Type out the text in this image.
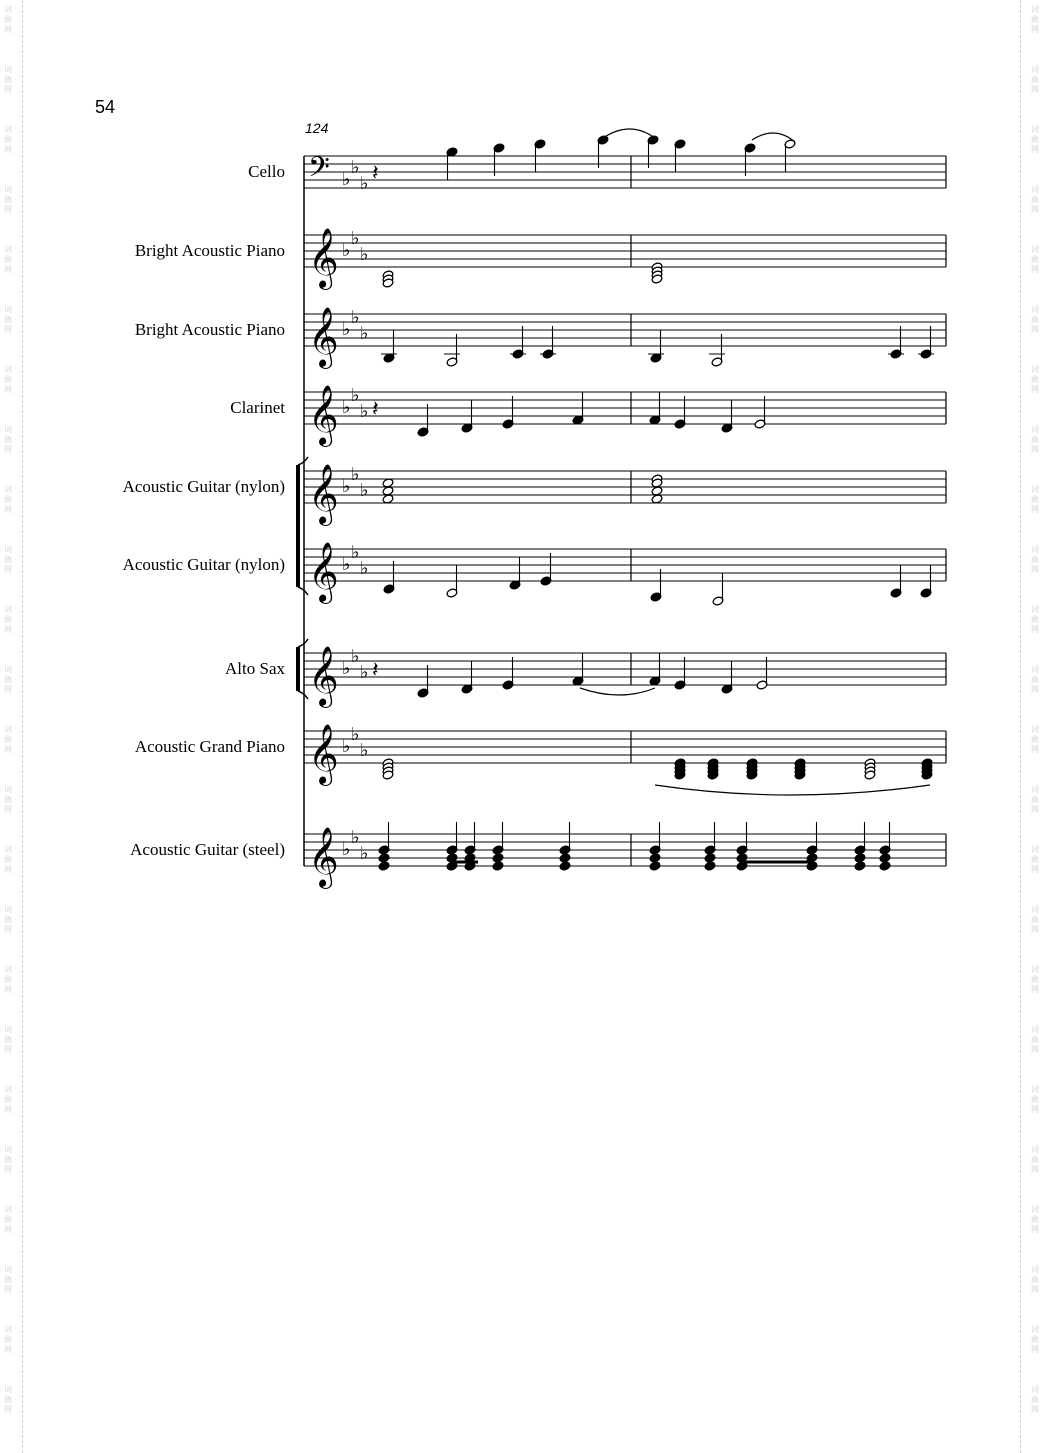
54
124
Cello
Bright Acoustic Piano
Bright Acoustic Piano
Clarinet
Acoustic Guitar (nylon)
Acoustic Guitar (nylon)
Alto Sax
Acoustic Grand Piano
Acoustic Guitar (steel)
𝄢 ♭
♭
♭
𝄞 ♭
♭
♭
𝄞 ♭
♭
♭
𝄞 ♭
♭
♭
𝄞 ♭
♭
♭
𝄞 ♭
♭
♭
𝄞 ♭
♭
♭
𝄞 ♭
♭
♭
𝄞 ♭
♭
♭
𝄽
𝄽
𝄽
词
曲
网
词
曲
网
词
曲
网
词
曲
网
词
曲
网
词
曲
网
词
曲
网
词
曲
网
词
曲
网
词
曲
网
词
曲
网
词
曲
网
词
曲
网
词
曲
网
词
曲
网
词
曲
网
词
曲
网
词
曲
网
词
曲
网
词
曲
网
词
曲
网
词
曲
网
词
曲
网
词
曲
网
词
曲
网
词
曲
网
词
曲
网
词
曲
网
词
曲
网
词
曲
网
词
曲
网
词
曲
网
词
曲
网
词
曲
网
词
曲
网
词
曲
网
词
曲
网
词
曲
网
词
曲
网
词
曲
网
词
曲
网
词
曲
网
词
曲
网
词
曲
网
词
曲
网
词
曲
网
词
曲
网
词
曲
网
